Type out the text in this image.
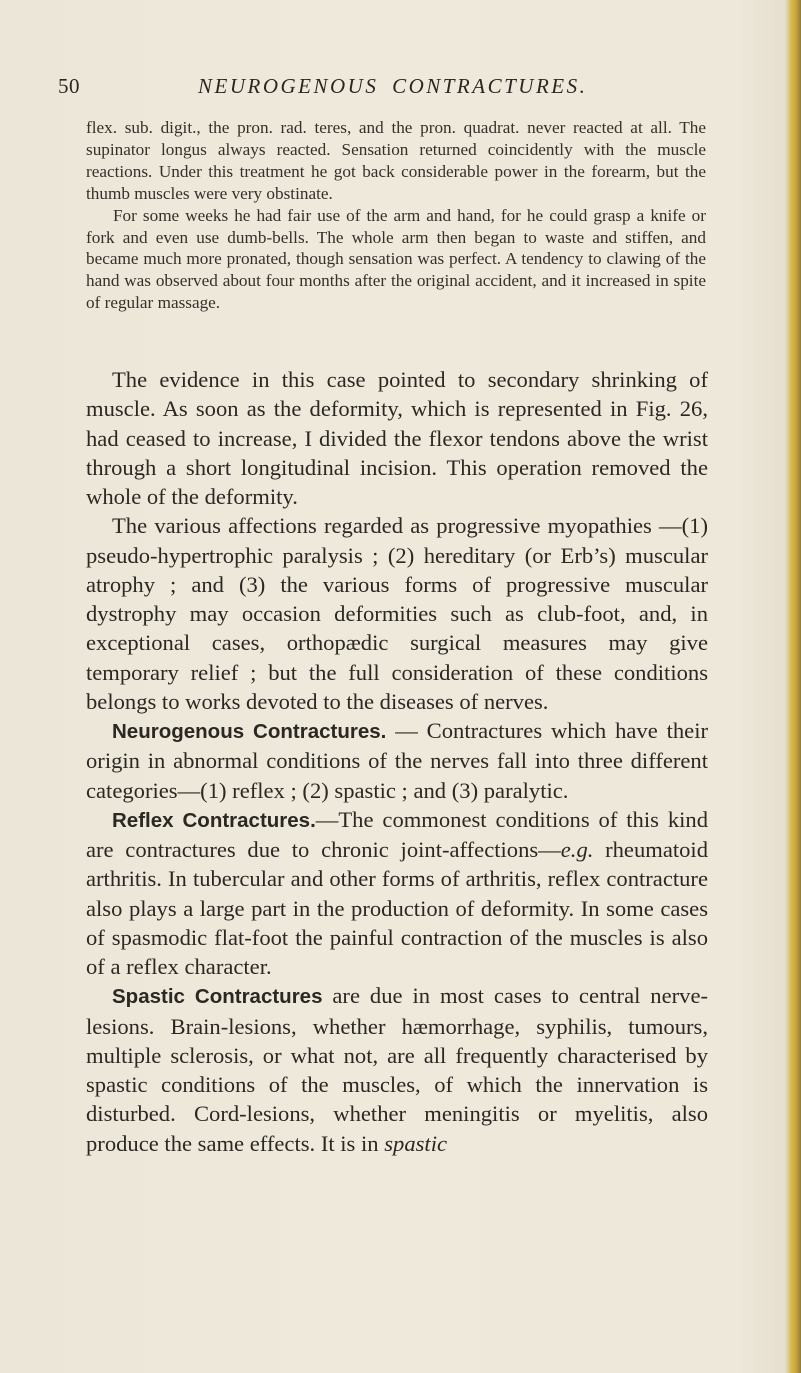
50	NEUROGENOUS CONTRACTURES.

flex. sub. digit., the pron. rad. teres, and the pron. quadrat. never reacted at all. The supinator longus always reacted. Sensation returned coincidently with the muscle reactions. Under this treatment he got back considerable power in the forearm, but the thumb muscles were very obstinate.

For some weeks he had fair use of the arm and hand, for he could grasp a knife or fork and even use dumb-bells. The whole arm then began to waste and stiffen, and became much more pronated, though sensation was perfect. A tendency to clawing of the hand was observed about four months after the original accident, and it increased in spite of regular massage.

The evidence in this case pointed to secondary shrinking of muscle. As soon as the deformity, which is represented in Fig. 26, had ceased to increase, I divided the flexor tendons above the wrist through a short longitudinal incision. This operation removed the whole of the deformity.

The various affections regarded as progressive myopathies —(1) pseudo-hypertrophic paralysis ; (2) hereditary (or Erb’s) muscular atrophy ; and (3) the various forms of progressive muscular dystrophy may occasion deformities such as club-foot, and, in exceptional cases, orthopædic surgical measures may give temporary relief ; but the full consideration of these conditions belongs to works devoted to the diseases of nerves.

Neurogenous Contractures. — Contractures which have their origin in abnormal conditions of the nerves fall into three different categories—(1) reflex ; (2) spastic ; and (3) paralytic.

Reflex Contractures.—The commonest conditions of this kind are contractures due to chronic joint-affections—e.g. rheumatoid arthritis. In tubercular and other forms of arthritis, reflex contracture also plays a large part in the production of deformity. In some cases of spasmodic flat-foot the painful contraction of the muscles is also of a reflex character.

Spastic Contractures are due in most cases to central nerve-lesions. Brain-lesions, whether hæmorrhage, syphilis, tumours, multiple sclerosis, or what not, are all frequently characterised by spastic conditions of the muscles, of which the innervation is disturbed. Cord-lesions, whether meningitis or myelitis, also produce the same effects. It is in spastic
